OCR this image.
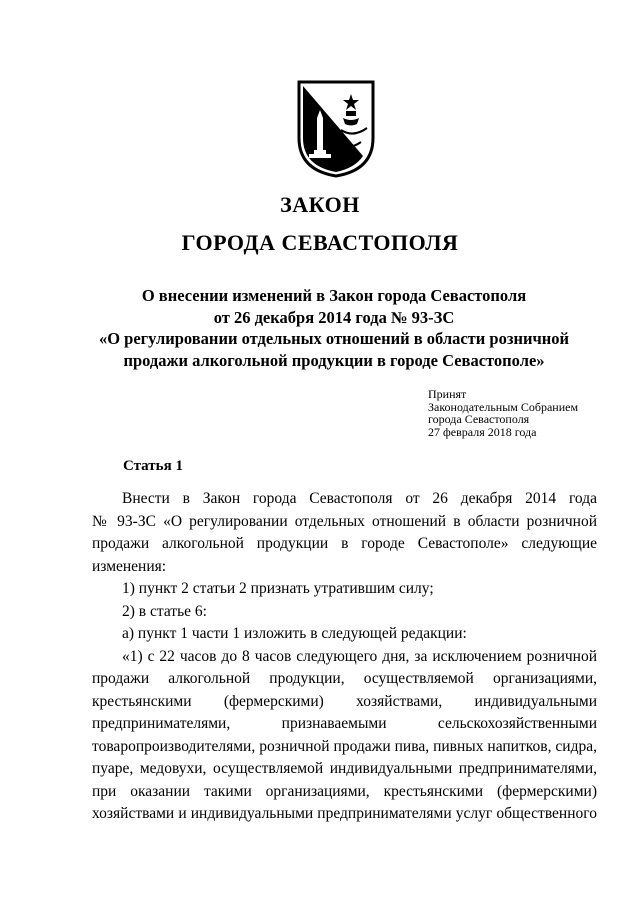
ЗАКОН
ГОРОДА СЕВАСТОПОЛЯ
О внесении изменений в Закон города Севастополя
от 26 декабря 2014 года № 93-ЗС
«О регулировании отдельных отношений в области розничной
продажи алкогольной продукции в городе Севастополе»
Принят
Законодательным Собранием
города Севастополя
27 февраля 2018 года
Статья 1

Внести в Закон города Севастополя от 26 декабря 2014 года

№ 93-ЗС «О регулировании отдельных отношений в области розничной

продажи алкогольной продукции в городе Севастополе» следующие

изменения:

1) пункт 2 статьи 2 признать утратившим силу;

2) в статье 6:

а) пункт 1 части 1 изложить в следующей редакции:

«1) с 22 часов до 8 часов следующего дня, за исключением розничной

продажи алкогольной продукции, осуществляемой организациями,

крестьянскими (фермерскими) хозяйствами, индивидуальными

предпринимателями, признаваемыми сельскохозяйственными

товаропроизводителями, розничной продажи пива, пивных напитков, сидра,

пуаре, медовухи, осуществляемой индивидуальными предпринимателями,

при оказании такими организациями, крестьянскими (фермерскими)

хозяйствами и индивидуальными предпринимателями услуг общественного
